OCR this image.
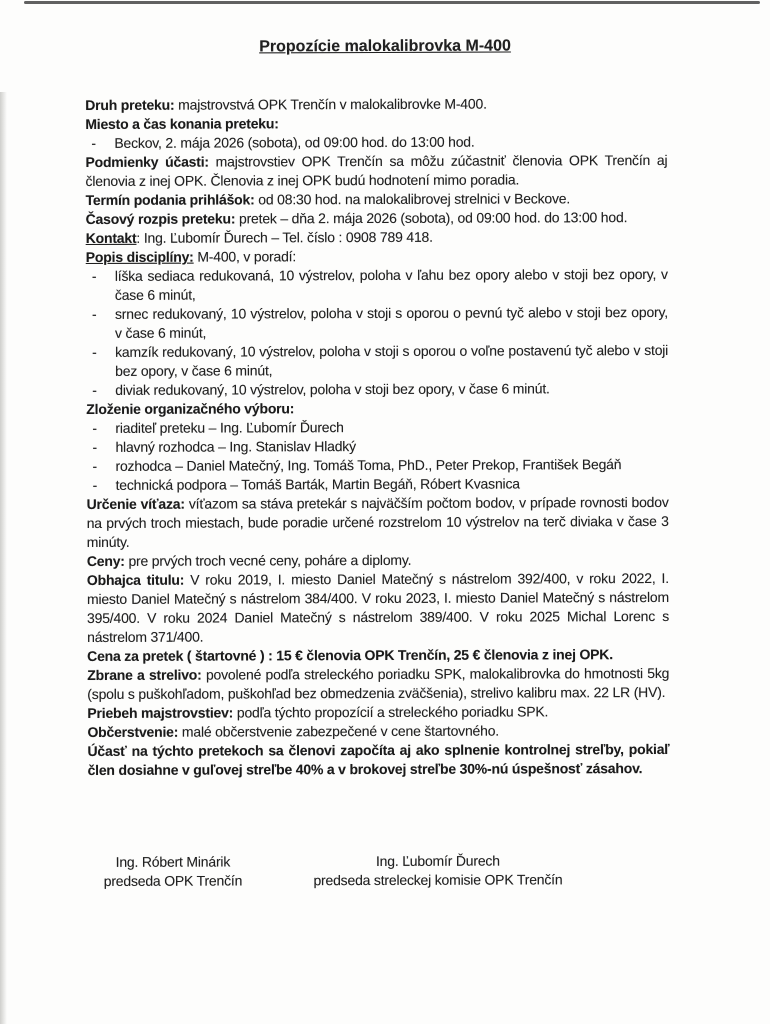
Propozície malokalibrovka M-400

Druh preteku: majstrovstvá OPK Trenčín v malokalibrovke M-400.

Miesto a čas konania preteku:

-	Beckov, 2. mája 2026 (sobota), od 09:00 hod. do 13:00 hod.

Podmienky účasti: majstrovstiev OPK Trenčín sa môžu zúčastniť členovia OPK Trenčín aj členovia z inej OPK. Členovia z inej OPK budú hodnotení mimo poradia.

Termín podania prihlášok: od 08:30 hod. na malokalibrovej strelnici v Beckove.

Časový rozpis preteku: pretek – dňa 2. mája 2026 (sobota), od 09:00 hod. do 13:00 hod.

Kontakt: Ing. Ľubomír Ďurech – Tel. číslo : 0908 789 418.

Popis disciplíny: M-400, v poradí:

-	líška sediaca redukovaná, 10 výstrelov, poloha v ľahu bez opory alebo v stoji bez opory, v čase 6 minút,
-	srnec redukovaný, 10 výstrelov, poloha v stoji s oporou o pevnú tyč alebo v stoji bez opory, v čase 6 minút,
-	kamzík redukovaný, 10 výstrelov, poloha v stoji s oporou o voľne postavenú tyč alebo v stoji bez opory, v čase 6 minút,
-	diviak redukovaný, 10 výstrelov, poloha v stoji bez opory, v čase 6 minút.

Zloženie organizačného výboru:

-	riaditeľ preteku – Ing. Ľubomír Ďurech
-	hlavný rozhodca – Ing. Stanislav Hladký
-	rozhodca – Daniel Matečný, Ing. Tomáš Toma, PhD., Peter Prekop, František Begáň
-	technická podpora – Tomáš Barták, Martin Begáň, Róbert Kvasnica

Určenie víťaza: víťazom sa stáva pretekár s najväčším počtom bodov, v prípade rovnosti bodov na prvých troch miestach, bude poradie určené rozstrelom 10 výstrelov na terč diviaka v čase 3 minúty.

Ceny: pre prvých troch vecné ceny, poháre a diplomy.

Obhajca titulu: V roku 2019, I. miesto Daniel Matečný s nástrelom 392/400, v roku 2022, I. miesto Daniel Matečný s nástrelom 384/400. V roku 2023, I. miesto Daniel Matečný s nástrelom 395/400. V roku 2024 Daniel Matečný s nástrelom 389/400. V roku 2025 Michal Lorenc s nástrelom 371/400.

Cena za pretek ( štartovné ) : 15 € členovia OPK Trenčín, 25 € členovia z inej OPK.

Zbrane a strelivo: povolené podľa streleckého poriadku SPK, malokalibrovka do hmotnosti 5kg (spolu s puškohľadom, puškohľad bez obmedzenia zväčšenia), strelivo kalibru max. 22 LR (HV).

Priebeh majstrovstiev: podľa týchto propozícií a streleckého poriadku SPK.

Občerstvenie: malé občerstvenie zabezpečené v cene štartovného.

Účasť na týchto pretekoch sa členovi započíta aj ako splnenie kontrolnej streľby, pokiaľ člen dosiahne v guľovej streľbe 40% a v brokovej streľbe 30%-nú úspešnosť zásahov.

Ing. Róbert Minárik
predseda OPK Trenčín
Ing. Ľubomír Ďurech
predseda streleckej komisie OPK Trenčín
